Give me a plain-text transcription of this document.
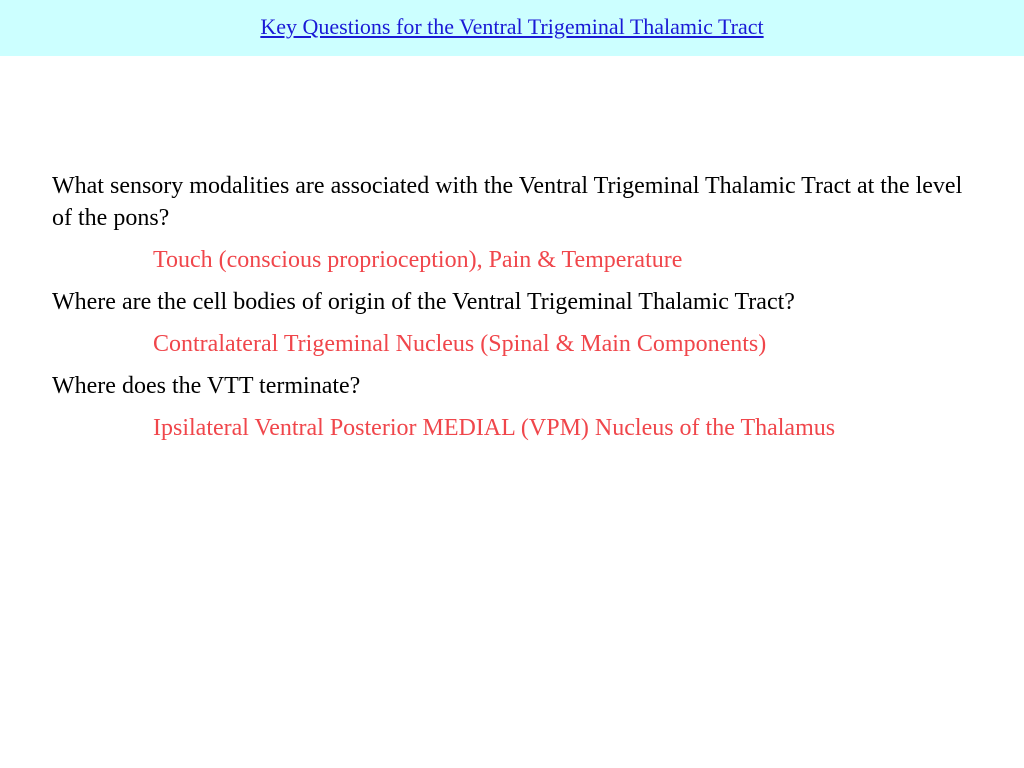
Key Questions for the Ventral Trigeminal Thalamic Tract

What sensory modalities are associated with the Ventral Trigeminal Thalamic Tract at the level of the pons?

Touch (conscious proprioception), Pain & Temperature

Where are the cell bodies of origin of the Ventral Trigeminal Thalamic Tract?

Contralateral Trigeminal Nucleus (Spinal & Main Components)

Where does the VTT terminate?

Ipsilateral Ventral Posterior MEDIAL (VPM) Nucleus of the Thalamus
